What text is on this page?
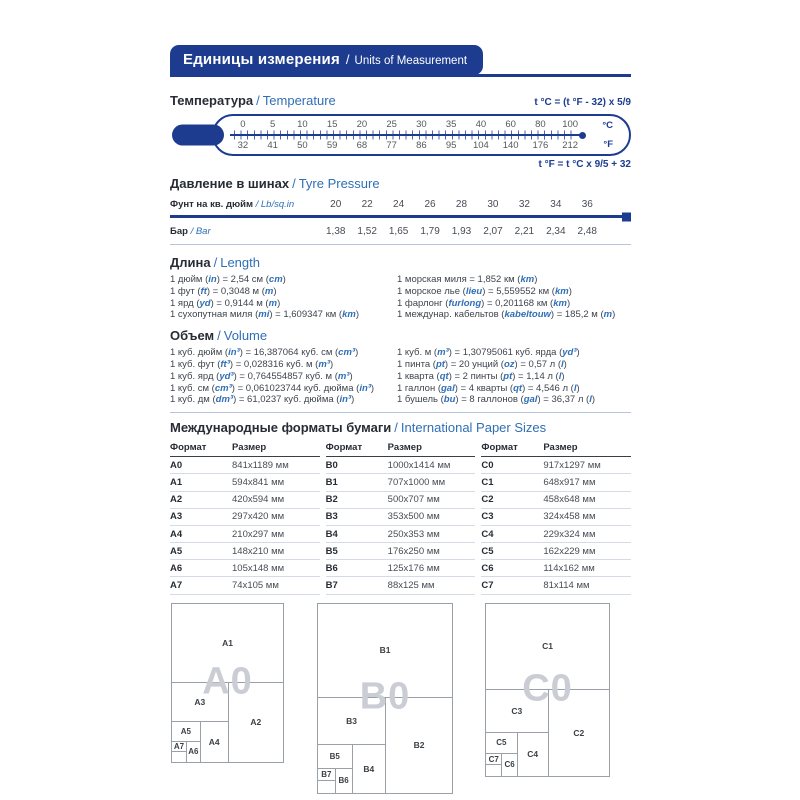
Единицы измерения / Units of Measurement
Температура / Temperature	t °C = (t °F - 32) x 5/9
0	5	10	15	20	25	30	35	40	60	80	100
32	41	50	59	68	77	86	95	104	140	176	212
°C
°F
t °F = t °C x 9/5 + 32
Давление в шинах / Tyre Pressure
Фунт на кв. дюйм / Lb/sq.in	20	22	24	26	28	30	32	34	36
Бар / Bar	1,38	1,52	1,65	1,79	1,93	2,07	2,21	2,34	2,48
Длина / Length
1 дюйм (in) = 2,54 см (cm)
1 фут (ft) = 0,3048 м (m)
1 ярд (yd) = 0,9144 м (m)
1 сухопутная миля (mi) = 1,609347 км (km)
1 морская миля = 1,852 км (km)
1 морское лье (lieu) = 5,559552 км (km)
1 фарлонг (furlong) = 0,201168 км (km)
1 междунар. кабельтов (kabeltouw) = 185,2 м (m)
Объем / Volume
1 куб. дюйм (in³) = 16,387064 куб. см (cm³)
1 куб. фут (ft³) = 0,028316 куб. м (m³)
1 куб. ярд (yd³) = 0,764554857 куб. м (m³)
1 куб. см (cm³) = 0,061023744 куб. дюйма (in³)
1 куб. дм (dm³) = 61,0237 куб. дюйма (in³)
1 куб. м (m³) = 1,30795061 куб. ярда (yd³)
1 пинта (pt) = 20 унций (oz) = 0,57 л (l)
1 кварта (qt) = 2 пинты (pt) = 1,14 л (l)
1 галлон (gal) = 4 кварты (qt) = 4,546 л (l)
1 бушель (bu) = 8 галлонов (gal) = 36,37 л (l)
Международные форматы бумаги / International Paper Sizes
Формат	Размер
A0	841x1189 мм
A1	594x841 мм
A2	420x594 мм
A3	297x420 мм
A4	210x297 мм
A5	148x210 мм
A6	105x148 мм
A7	74x105 мм
Формат	Размер
B0	1000x1414 мм
B1	707x1000 мм
B2	500x707 мм
B3	353x500 мм
B4	250x353 мм
B5	176x250 мм
B6	125x176 мм
B7	88x125 мм
Формат	Размер
C0	917x1297 мм
C1	648x917 мм
C2	458x648 мм
C3	324x458 мм
C4	229x324 мм
C5	162x229 мм
C6	114x162 мм
C7	81x114 мм
A1
A2
A3
A4
A5
A6
A7
A0
B1
B2
B3
B4
B5
B6
B7
B0
C1
C2
C3
C4
C5
C6
C7
C0
